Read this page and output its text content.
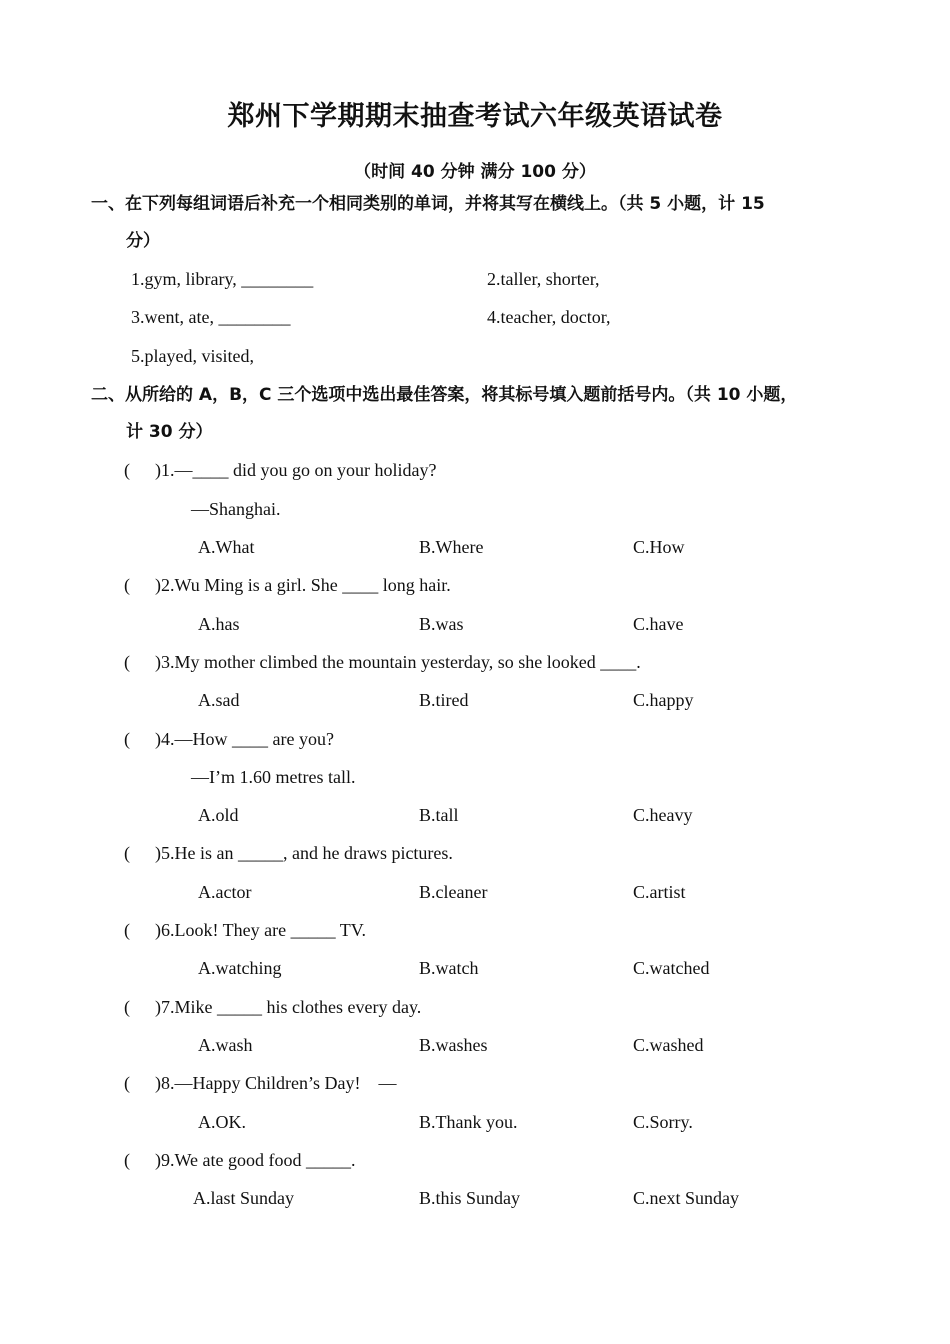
郑州下学期期末抽查考试六年级英语试卷
（时间 40 分钟 满分 100 分）
一、在下列每组词语后补充一个相同类别的单词，并将其写在横线上。（共 5 小题，计 15
分）
1.gym, library, ________	2.taller, shorter,
3.went, ate, ________	4.teacher, doctor,
5.played, visited,
二、从所给的 A，B，C 三个选项中选出最佳答案，将其标号填入题前括号内。（共 10 小题，
计 30 分）
( )1.—____ did you go on your holiday?
—Shanghai.
A.What	B.Where	C.How
( )2.Wu Ming is a girl. She ____ long hair.
A.has	B.was	C.have
( )3.My mother climbed the mountain yesterday, so she looked ____.
A.sad	B.tired	C.happy
( )4.—How ____ are you?
—I’m 1.60 metres tall.
A.old	B.tall	C.heavy
( )5.He is an _____, and he draws pictures.
A.actor	B.cleaner	C.artist
( )6.Look! They are _____ TV.
A.watching	B.watch	C.watched
( )7.Mike _____ his clothes every day.
A.wash	B.washes	C.washed
( )8.—Happy Children’s Day!    —
A.OK.	B.Thank you.	C.Sorry.
( )9.We ate good food _____.
A.last Sunday	B.this Sunday	C.next Sunday
